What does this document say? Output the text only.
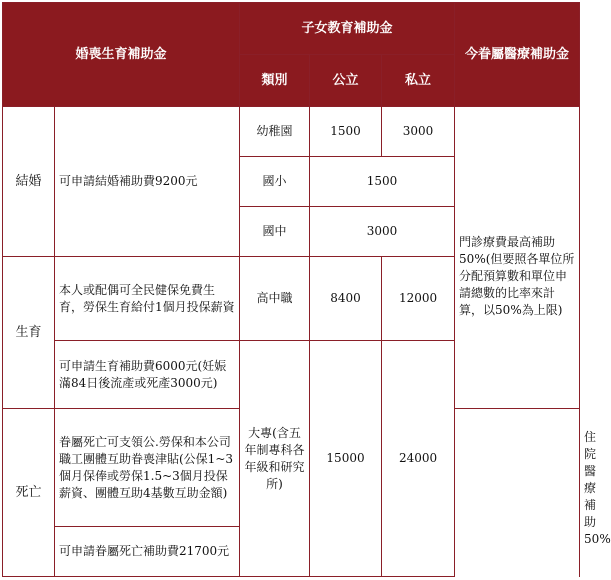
婚喪生育補助金		子女教育補助金			今眷屬醫療補助金	
		類別	公立	私立		
結婚	可申請結婚補助費9200元	幼稚園	1500	3000	門診療費最高補助50%(但要照各單位所分配預算數和單位申請總數的比率來計算，以50%為上限)	
		國小	1500			
		國中	3000			
生育	本人或配偶可全民健保免費生育，勞保生育給付1個月投保薪資	高中職	8400	12000		
	可申請生育補助費6000元(妊娠滿84日後流產或死產3000元)	大專(含五年制專科各年級和研究所)	15000	24000		住院醫療補助50%
死亡	眷屬死亡可支領公.勞保和本公司職工團體互助眷喪津貼(公保1~3個月保俸或勞保1.5~3個月投保薪資、團體互助4基數互助金額)					
	可申請眷屬死亡補助費21700元					
